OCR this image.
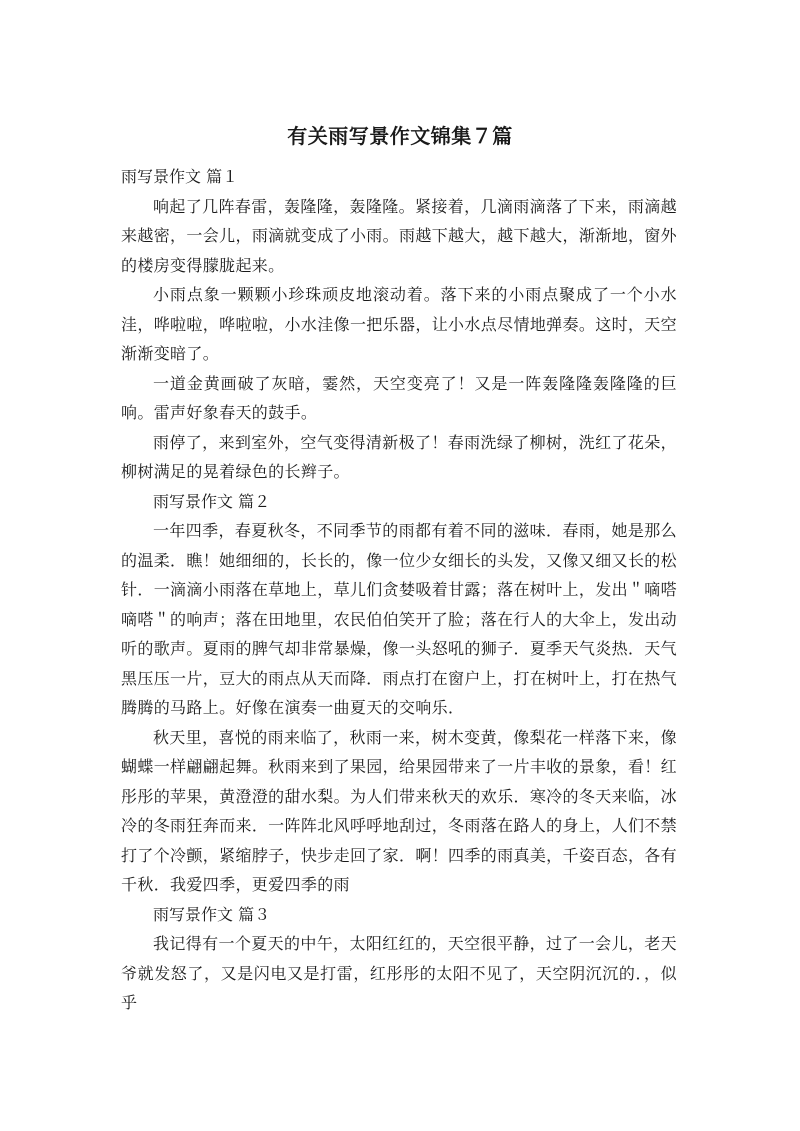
有关雨写景作文锦集７篇

雨写景作文 篇１

响起了几阵春雷，轰隆隆，轰隆隆。紧接着，几滴雨滴落了下来，雨滴越来越密，一会儿，雨滴就变成了小雨。雨越下越大，越下越大，渐渐地，窗外的楼房变得朦胧起来。

小雨点象一颗颗小珍珠顽皮地滚动着。落下来的小雨点聚成了一个小水洼，哗啦啦，哗啦啦，小水洼像一把乐器，让小水点尽情地弹奏。这时，天空渐渐变暗了。

一道金黄画破了灰暗，霎然，天空变亮了！又是一阵轰隆隆轰隆隆的巨响。雷声好象春天的鼓手。

雨停了，来到室外，空气变得清新极了！春雨洗绿了柳树，洗红了花朵，柳树满足的晃着绿色的长辫子。

雨写景作文 篇２

一年四季，春夏秋冬，不同季节的雨都有着不同的滋味．春雨，她是那么的温柔．瞧！她细细的，长长的，像一位少女细长的头发，又像又细又长的松针．一滴滴小雨落在草地上，草儿们贪婪吸着甘露；落在树叶上，发出＂嘀嗒嘀嗒＂的响声；落在田地里，农民伯伯笑开了脸；落在行人的大伞上，发出动听的歌声。夏雨的脾气却非常暴燥，像一头怒吼的狮子．夏季天气炎热．天气黑压压一片，豆大的雨点从天而降．雨点打在窗户上，打在树叶上，打在热气腾腾的马路上。好像在演奏一曲夏天的交响乐．

秋天里，喜悦的雨来临了，秋雨一来，树木变黄，像梨花一样落下来，像蝴蝶一样翩翩起舞。秋雨来到了果园，给果园带来了一片丰收的景象，看！红彤彤的苹果，黄澄澄的甜水梨。为人们带来秋天的欢乐．寒冷的冬天来临，冰冷的冬雨狂奔而来．一阵阵北风呼呼地刮过，冬雨落在路人的身上，人们不禁打了个冷颤，紧缩脖子，快步走回了家．啊！四季的雨真美，千姿百态，各有千秋．我爱四季，更爱四季的雨

雨写景作文 篇３

我记得有一个夏天的中午，太阳红红的，天空很平静，过了一会儿，老天爷就发怒了，又是闪电又是打雷，红彤彤的太阳不见了，天空阴沉沉的．，似乎
